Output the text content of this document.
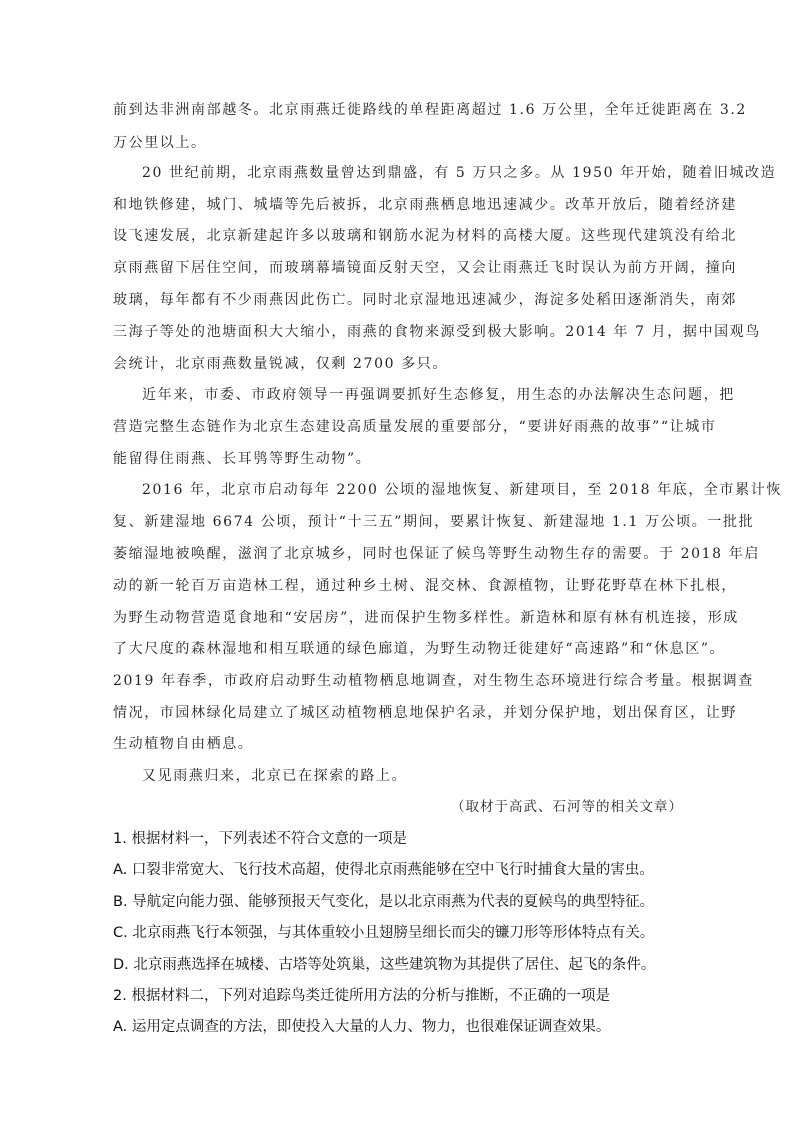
前到达非洲南部越冬。北京雨燕迁徙路线的单程距离超过 1.6 万公里，全年迁徙距离在 3.2
万公里以上。
20 世纪前期，北京雨燕数量曾达到鼎盛，有 5 万只之多。从 1950 年开始，随着旧城改造
和地铁修建，城门、城墙等先后被拆，北京雨燕栖息地迅速减少。改革开放后，随着经济建
设飞速发展，北京新建起许多以玻璃和钢筋水泥为材料的高楼大厦。这些现代建筑没有给北
京雨燕留下居住空间，而玻璃幕墙镜面反射天空，又会让雨燕迁飞时误认为前方开阔，撞向
玻璃，每年都有不少雨燕因此伤亡。同时北京湿地迅速减少，海淀多处稻田逐渐消失，南郊
三海子等处的池塘面积大大缩小，雨燕的食物来源受到极大影响。2014 年 7 月，据中国观鸟
会统计，北京雨燕数量锐减，仅剩 2700 多只。
近年来，市委、市政府领导一再强调要抓好生态修复，用生态的办法解决生态问题，把
营造完整生态链作为北京生态建设高质量发展的重要部分，“要讲好雨燕的故事”“让城市
能留得住雨燕、长耳鸮等野生动物”。
2016 年，北京市启动每年 2200 公顷的湿地恢复、新建项目，至 2018 年底，全市累计恢
复、新建湿地 6674 公顷，预计“十三五”期间，要累计恢复、新建湿地 1.1 万公顷。一批批
萎缩湿地被唤醒，滋润了北京城乡，同时也保证了候鸟等野生动物生存的需要。于 2018 年启
动的新一轮百万亩造林工程，通过种乡土树、混交林、食源植物，让野花野草在林下扎根，
为野生动物营造觅食地和“安居房”，进而保护生物多样性。新造林和原有林有机连接，形成
了大尺度的森林湿地和相互联通的绿色廊道，为野生动物迁徙建好“高速路”和“休息区”。
2019 年春季，市政府启动野生动植物栖息地调查，对生物生态环境进行综合考量。根据调查
情况，市园林绿化局建立了城区动植物栖息地保护名录，并划分保护地，划出保育区，让野
生动植物自由栖息。
又见雨燕归来，北京已在探索的路上。
（取材于高武、石河等的相关文章）
1. 根据材料一，下列表述不符合文意的一项是
A. 口裂非常宽大、飞行技术高超，使得北京雨燕能够在空中飞行时捕食大量的害虫。
B. 导航定向能力强、能够预报天气变化，是以北京雨燕为代表的夏候鸟的典型特征。
C. 北京雨燕飞行本领强，与其体重较小且翅膀呈细长而尖的镰刀形等形体特点有关。
D. 北京雨燕选择在城楼、古塔等处筑巢，这些建筑物为其提供了居住、起飞的条件。
2. 根据材料二，下列对追踪鸟类迁徙所用方法的分析与推断，不正确的一项是
A. 运用定点调查的方法，即使投入大量的人力、物力，也很难保证调查效果。
